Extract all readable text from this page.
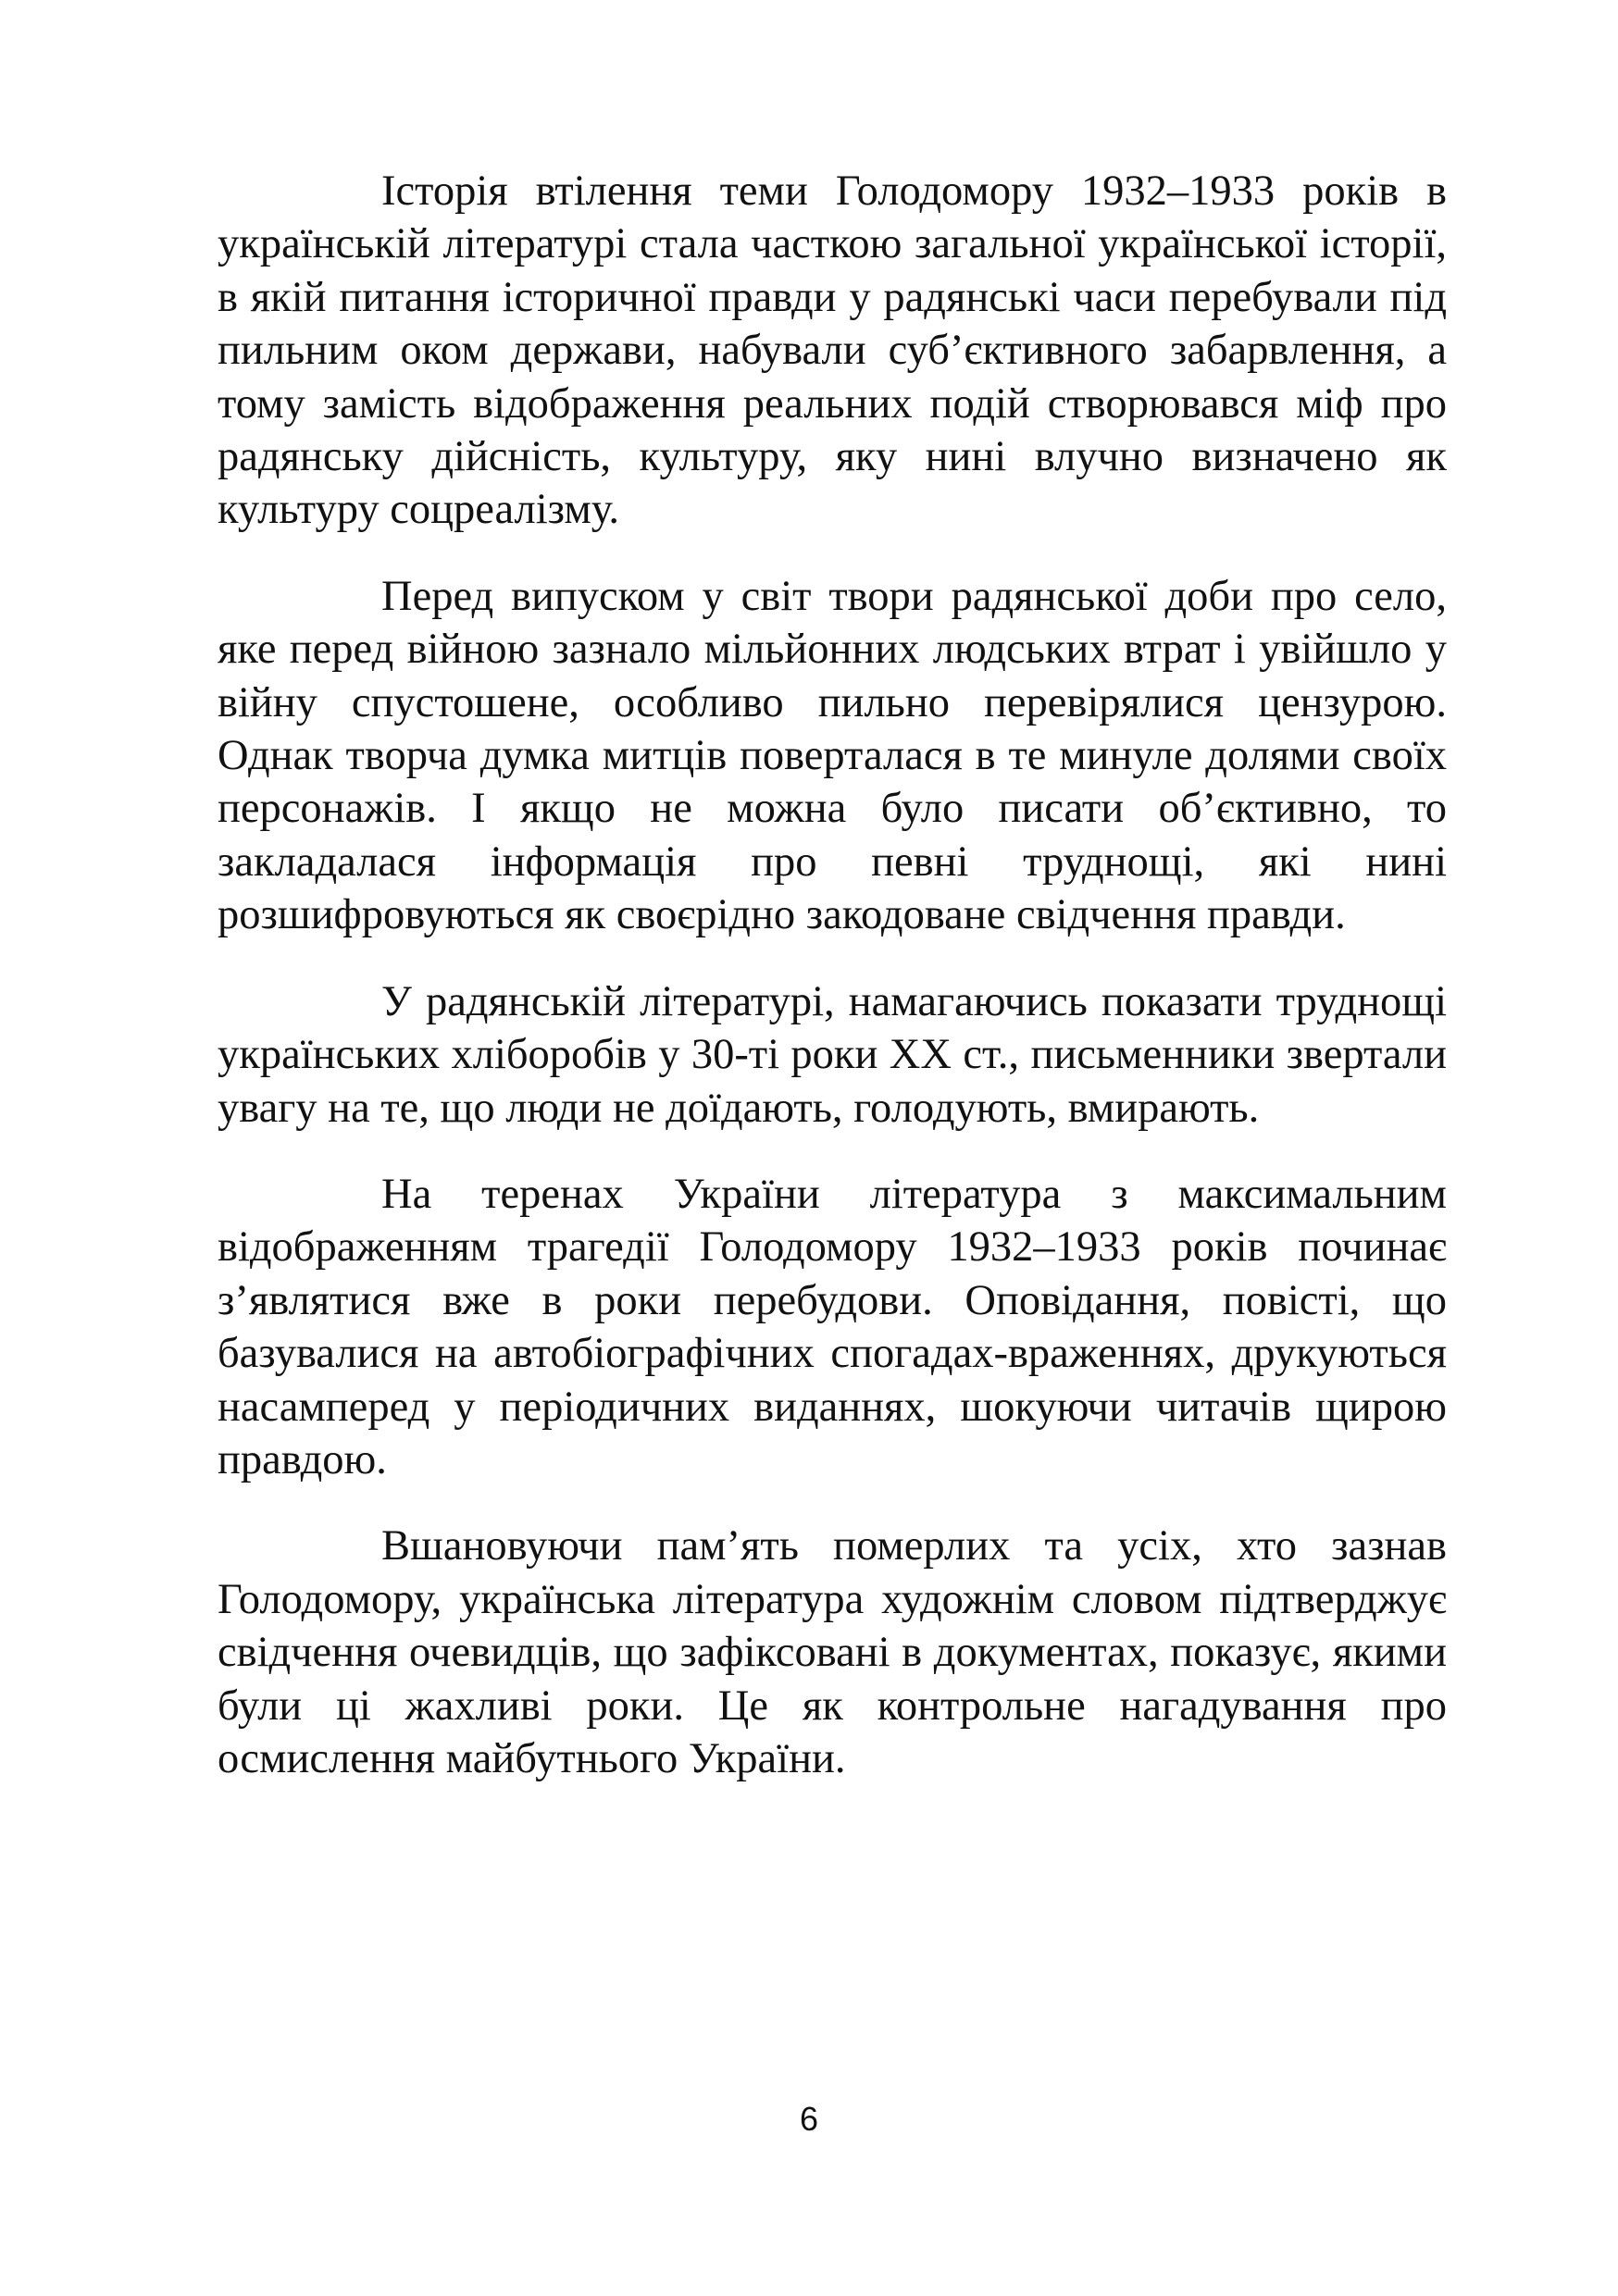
Історія втілення теми Голодомору 1932–1933 років в українській літературі стала часткою загальної української історії, в якій питання історичної правди у радянські часи перебували під пильним оком держави, набували суб’єктивного забарвлення, а тому замість відображення реальних подій створювався міф про радянську дійсність, культуру, яку нині влучно визначено як культуру соцреалізму.

Перед випуском у світ твори радянської доби про село, яке перед війною зазнало мільйонних людських втрат і увійшло у війну спустошене, особливо пильно перевірялися цензурою. Однак творча думка митців поверталася в те минуле долями своїх персонажів. І якщо не можна було писати об’єктивно, то закладалася інформація про певні труднощі, які нині розшифровуються як своєрідно закодоване свідчення правди.

У радянській літературі, намагаючись показати труднощі українських хліборобів у 30-ті роки ХХ ст., письменники звертали увагу на те, що люди не доїдають, голодують, вмирають.

На теренах України література з максимальним відображенням трагедії Голодомору 1932–1933 років починає з’являтися вже в роки перебудови. Оповідання, повісті, що базувалися на автобіографічних спогадах-враженнях, друкуються насамперед у періодичних виданнях, шокуючи читачів щирою правдою.

Вшановуючи пам’ять померлих та усіх, хто зазнав Голодомору, українська література художнім словом підтверджує свідчення очевидців, що зафіксовані в документах, показує, якими були ці жахливі роки. Це як контрольне нагадування про осмислення майбутнього України.

6
